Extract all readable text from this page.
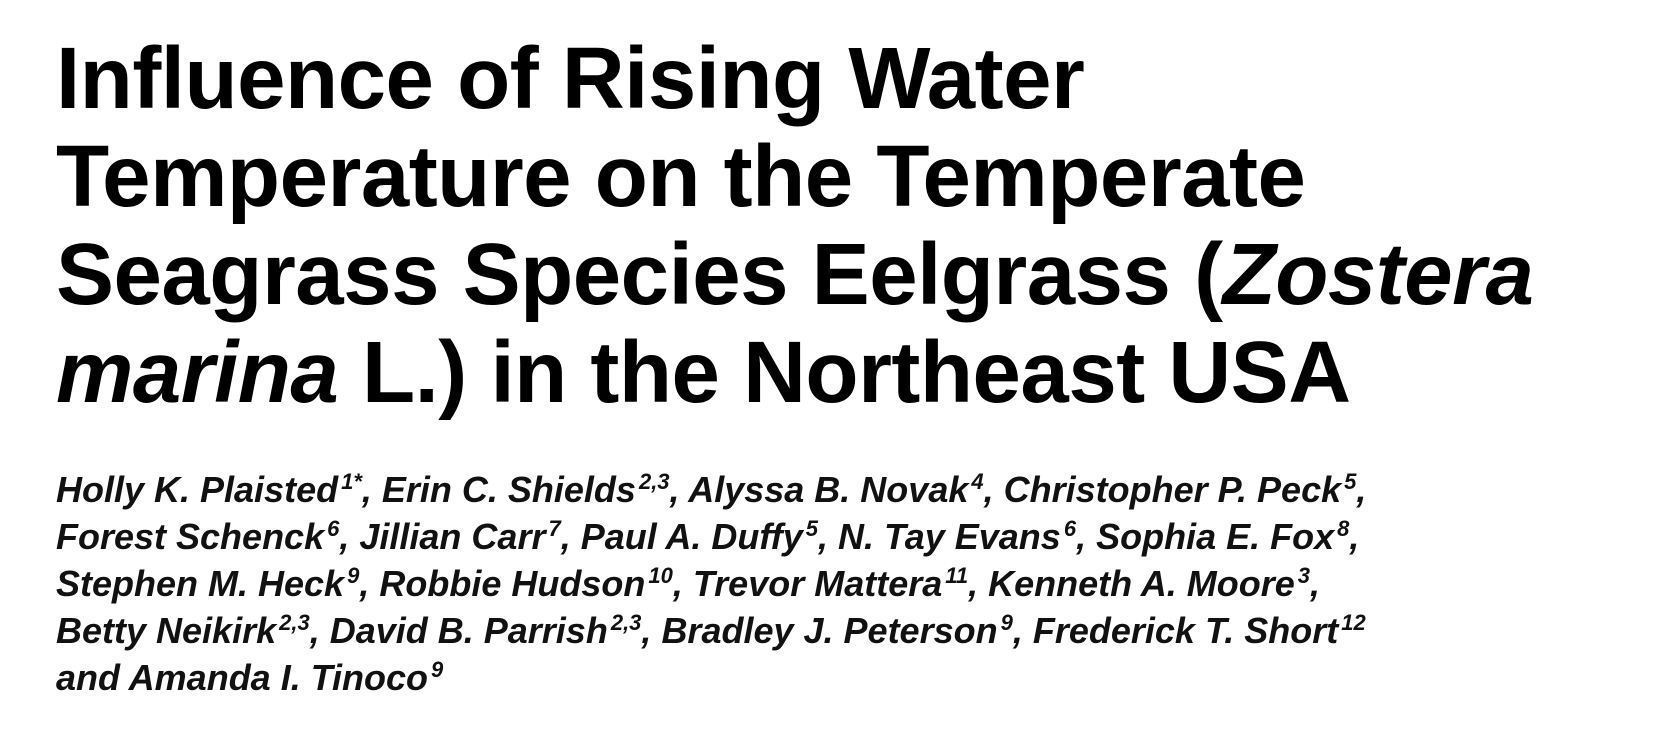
Influence of Rising Water
Temperature on the Temperate
Seagrass Species Eelgrass (Zostera
marina L.) in the Northeast USA
Holly K. Plaisted $^{1*}$, Erin C. Shields $^{2,3}$, Alyssa B. Novak $^4$, Christopher P. Peck $^5$,
Forest Schenck $^6$, Jillian Carr $^7$, Paul A. Duffy $^5$, N. Tay Evans $^6$, Sophia E. Fox $^8$,
Stephen M. Heck $^9$, Robbie Hudson $^{10}$, Trevor Mattera $^{11}$, Kenneth A. Moore $^3$,
Betty Neikirk $^{2,3}$, David B. Parrish $^{2,3}$, Bradley J. Peterson $^9$, Frederick T. Short $^{12}$
and Amanda I. Tinoco $^9$
